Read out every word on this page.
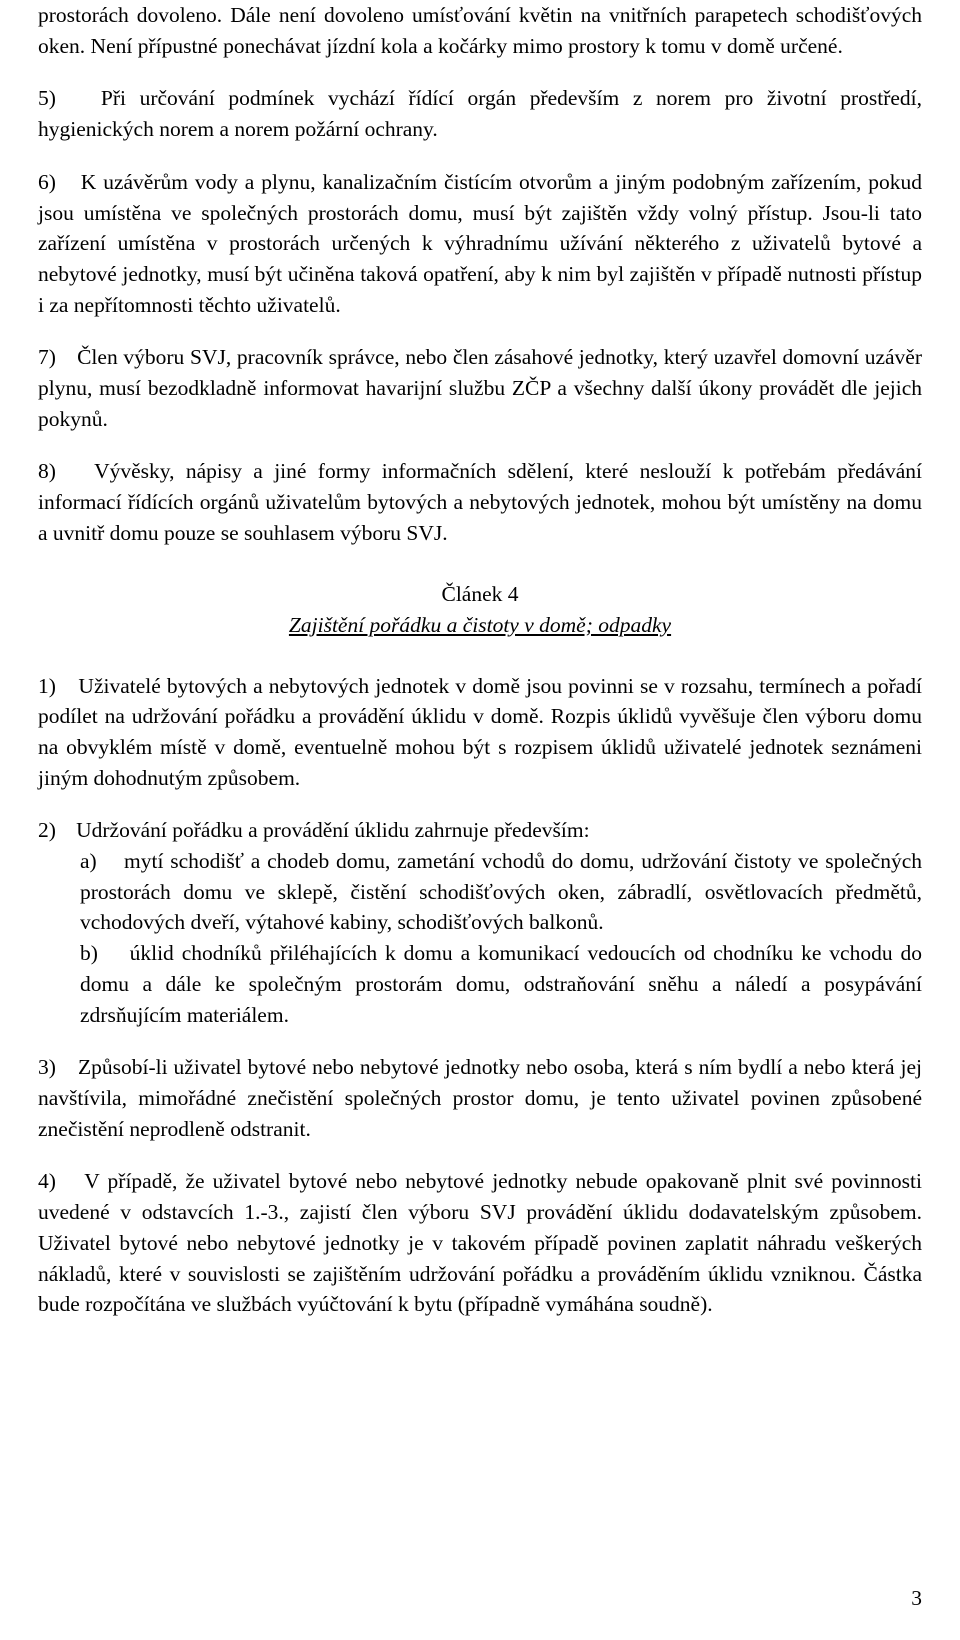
prostorách dovoleno. Dále není dovoleno umísťování květin na vnitřních parapetech schodišťových oken. Není přípustné ponechávat jízdní kola a kočárky mimo prostory k tomu v domě určené.

5) Při určování podmínek vychází řídící orgán především z norem pro životní prostředí, hygienických norem a norem požární ochrany.

6) K uzávěrům vody a plynu, kanalizačním čistícím otvorům a jiným podobným zařízením, pokud jsou umístěna ve společných prostorách domu, musí být zajištěn vždy volný přístup. Jsou-li tato zařízení umístěna v prostorách určených k výhradnímu užívání některého z uživatelů bytové a nebytové jednotky, musí být učiněna taková opatření, aby k nim byl zajištěn v případě nutnosti přístup i za nepřítomnosti těchto uživatelů.

7) Člen výboru SVJ, pracovník správce, nebo člen zásahové jednotky, který uzavřel domovní uzávěr plynu, musí bezodkladně informovat havarijní službu ZČP a všechny další úkony provádět dle jejich pokynů.

8) Vývěsky, nápisy a jiné formy informačních sdělení, které neslouží k potřebám předávání informací řídících orgánů uživatelům bytových a nebytových jednotek, mohou být umístěny na domu a uvnitř domu pouze se souhlasem výboru SVJ.

Článek 4

Zajištění pořádku a čistoty v domě; odpadky

1) Uživatelé bytových a nebytových jednotek v domě jsou povinni se v rozsahu, termínech a pořadí podílet na udržování pořádku a provádění úklidu v domě. Rozpis úklidů vyvěšuje člen výboru domu na obvyklém místě v domě, eventuelně mohou být s rozpisem úklidů uživatelé jednotek seznámeni jiným dohodnutým způsobem.

2) Udržování pořádku a provádění úklidu zahrnuje především:

a) mytí schodišť a chodeb domu, zametání vchodů do domu, udržování čistoty ve společných prostorách domu ve sklepě, čistění schodišťových oken, zábradlí, osvětlovacích předmětů, vchodových dveří, výtahové kabiny, schodišťových balkonů.

b) úklid chodníků přiléhajících k domu a komunikací vedoucích od chodníku ke vchodu do domu a dále ke společným prostorám domu, odstraňování sněhu a náledí a posypávání zdrsňujícím materiálem.

3) Způsobí-li uživatel bytové nebo nebytové jednotky nebo osoba, která s ním bydlí a nebo která jej navštívila, mimořádné znečistění společných prostor domu, je tento uživatel povinen způsobené znečistění neprodleně odstranit.

4) V případě, že uživatel bytové nebo nebytové jednotky nebude opakovaně plnit své povinnosti uvedené v odstavcích 1.-3., zajistí člen výboru SVJ provádění úklidu dodavatelským způsobem. Uživatel bytové nebo nebytové jednotky je v takovém případě povinen zaplatit náhradu veškerých nákladů, které v souvislosti se zajištěním udržování pořádku a prováděním úklidu vzniknou. Částka bude rozpočítána ve službách vyúčtování k bytu (případně vymáhána soudně).

3
